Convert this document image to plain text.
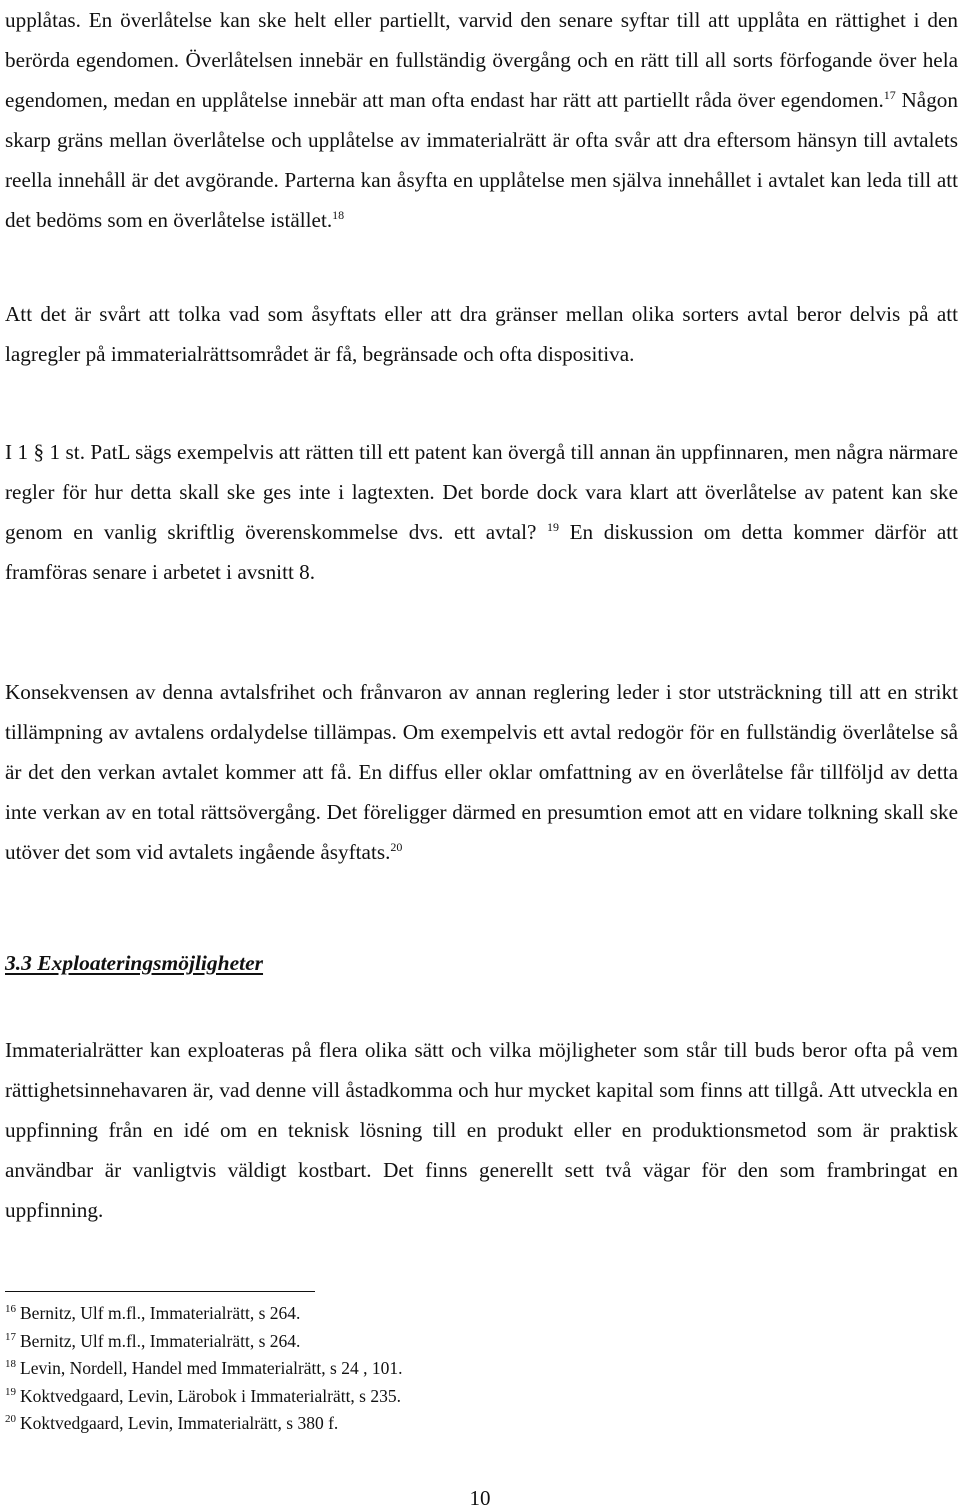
upplåtas. En överlåtelse kan ske helt eller partiellt, varvid den senare syftar till att upplåta en rättighet i den berörda egendomen. Överlåtelsen innebär en fullständig övergång och en rätt till all sorts förfogande över hela egendomen, medan en upplåtelse innebär att man ofta endast har rätt att partiellt råda över egendomen.$^{17}$ Någon skarp gräns mellan överlåtelse och upplåtelse av immaterialrätt är ofta svår att dra eftersom hänsyn till avtalets reella innehåll är det avgörande. Parterna kan åsyfta en upplåtelse men själva innehållet i avtalet kan leda till att det bedöms som en överlåtelse istället.$^{18}$

Att det är svårt att tolka vad som åsyftats eller att dra gränser mellan olika sorters avtal beror delvis på att lagregler på immaterialrättsområdet är få, begränsade och ofta dispositiva.

I 1 § 1 st. PatL sägs exempelvis att rätten till ett patent kan övergå till annan än uppfinnaren, men några närmare regler för hur detta skall ske ges inte i lagtexten. Det borde dock vara klart att överlåtelse av patent kan ske genom en vanlig skriftlig överenskommelse dvs. ett avtal? $^{19}$ En diskussion om detta kommer därför att framföras senare i arbetet i avsnitt 8.

Konsekvensen av denna avtalsfrihet och frånvaron av annan reglering leder i stor utsträckning till att en strikt tillämpning av avtalens ordalydelse tillämpas. Om exempelvis ett avtal redogör för en fullständig överlåtelse så är det den verkan avtalet kommer att få. En diffus eller oklar omfattning av en överlåtelse får tillföljd av detta inte verkan av en total rättsövergång. Det föreligger därmed en presumtion emot att en vidare tolkning skall ske utöver det som vid avtalets ingående åsyftats.$^{20}$

3.3 Exploateringsmöjligheter

Immaterialrätter kan exploateras på flera olika sätt och vilka möjligheter som står till buds beror ofta på vem rättighetsinnehavaren är, vad denne vill åstadkomma och hur mycket kapital som finns att tillgå. Att utveckla en uppfinning från en idé om en teknisk lösning till en produkt eller en produktionsmetod som är praktisk användbar är vanligtvis väldigt kostbart. Det finns generellt sett två vägar för den som frambringat en uppfinning.

$^{16}$ Bernitz, Ulf m.fl., Immaterialrätt, s 264.
$^{17}$ Bernitz, Ulf m.fl., Immaterialrätt, s 264.
$^{18}$ Levin, Nordell, Handel med Immaterialrätt, s 24 , 101.
$^{19}$ Koktvedgaard, Levin, Lärobok i Immaterialrätt, s 235.
$^{20}$ Koktvedgaard, Levin, Immaterialrätt, s 380 f.
10
